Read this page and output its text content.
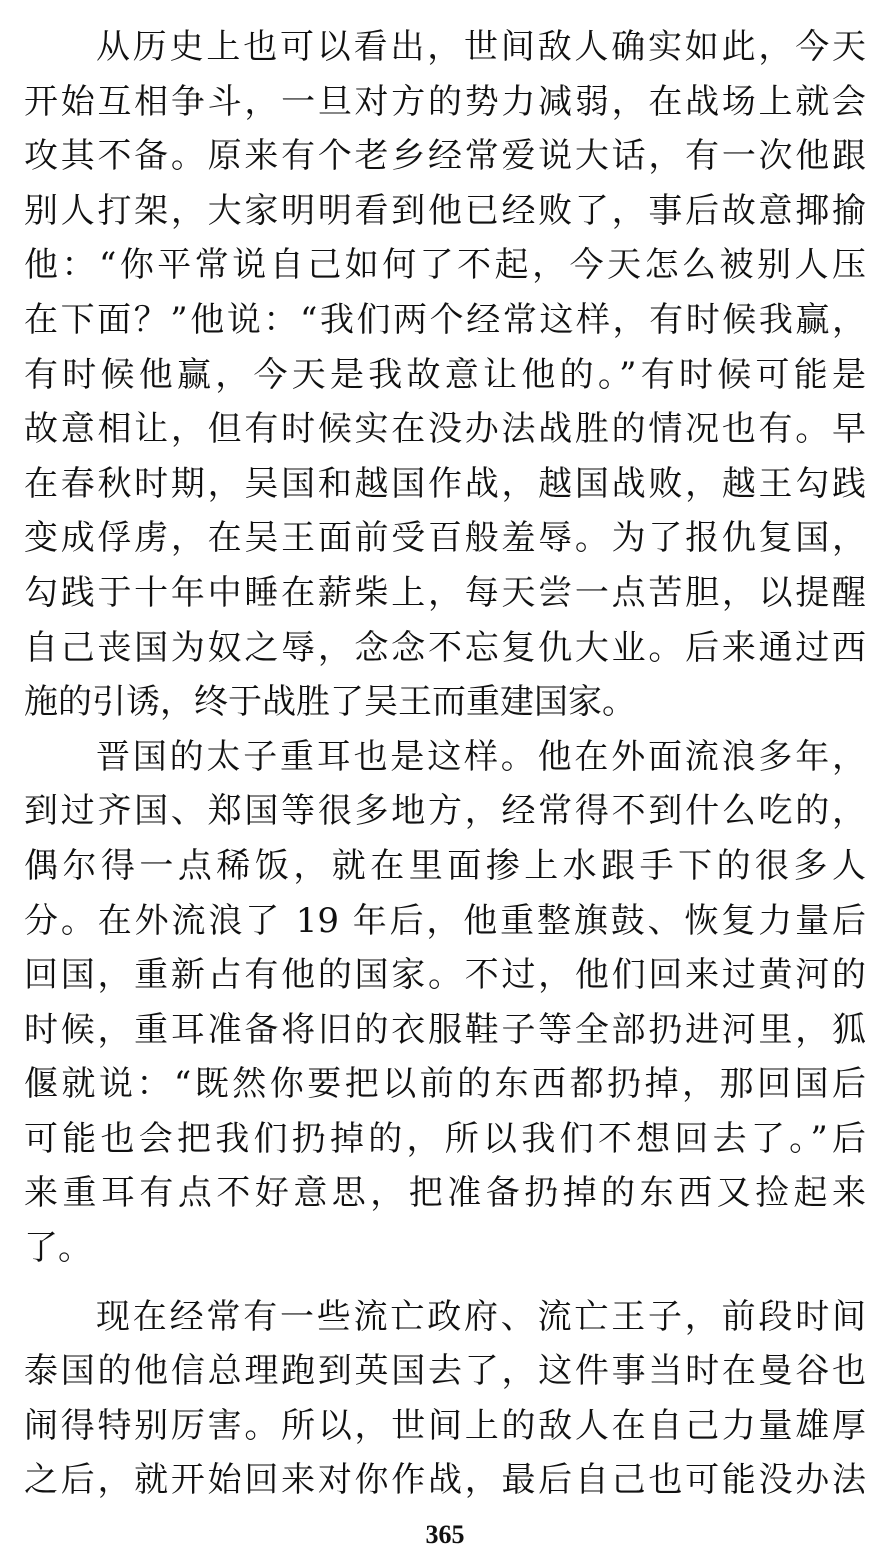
从历史上也可以看出，世间敌人确实如此，今天
开始互相争斗，一旦对方的势力减弱，在战场上就会
攻其不备。原来有个老乡经常爱说大话，有一次他跟
别人打架，大家明明看到他已经败了，事后故意揶揄
他：“你平常说自己如何了不起，今天怎么被别人压
在下面？”他说：“我们两个经常这样，有时候我赢，
有时候他赢，今天是我故意让他的。”有时候可能是
故意相让，但有时候实在没办法战胜的情况也有。早
在春秋时期，吴国和越国作战，越国战败，越王勾践
变成俘虏，在吴王面前受百般羞辱。为了报仇复国，
勾践于十年中睡在薪柴上，每天尝一点苦胆，以提醒
自己丧国为奴之辱，念念不忘复仇大业。后来通过西
施的引诱，终于战胜了吴王而重建国家。
晋国的太子重耳也是这样。他在外面流浪多年，
到过齐国、郑国等很多地方，经常得不到什么吃的，
偶尔得一点稀饭，就在里面掺上水跟手下的很多人
分。在外流浪了 19 年后，他重整旗鼓、恢复力量后
回国，重新占有他的国家。不过，他们回来过黄河的
时候，重耳准备将旧的衣服鞋子等全部扔进河里，狐
偃就说：“既然你要把以前的东西都扔掉，那回国后
可能也会把我们扔掉的，所以我们不想回去了。”后
来重耳有点不好意思，把准备扔掉的东西又捡起来
了。
现在经常有一些流亡政府、流亡王子，前段时间
泰国的他信总理跑到英国去了，这件事当时在曼谷也
闹得特别厉害。所以，世间上的敌人在自己力量雄厚
之后，就开始回来对你作战，最后自己也可能没办法
365
